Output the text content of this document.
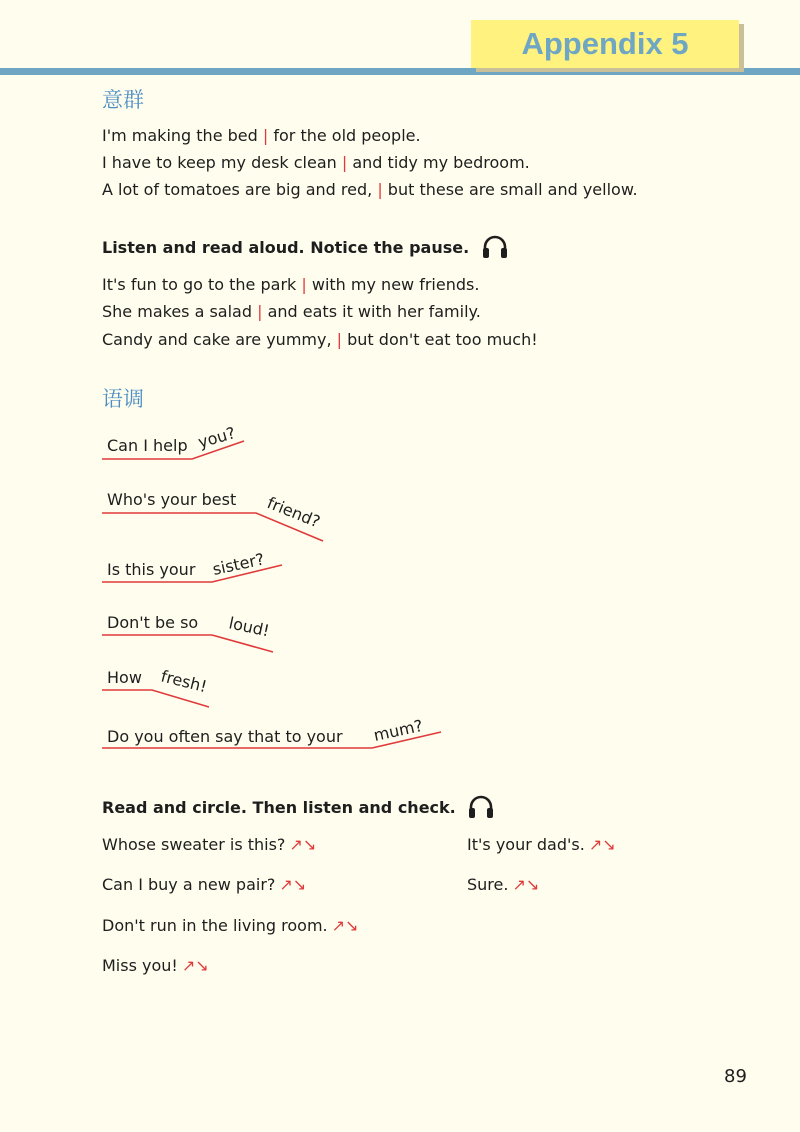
Appendix 5
意群
I'm making the bed | for the old people.
I have to keep my desk clean | and tidy my bedroom.
A lot of tomatoes are big and red, | but these are small and yellow.
Listen and read aloud. Notice the pause.
It's fun to go to the park | with my new friends.
She makes a salad | and eats it with her family.
Candy and cake are yummy, | but don't eat too much!
语调
Can I help you?
Who's your best friend?
Is this your sister?
Don't be so loud!
How fresh!
Do you often say that to your mum?
Read and circle. Then listen and check.
Whose sweater is this? ↗↘	It's your dad's. ↗↘
Can I buy a new pair? ↗↘	Sure. ↗↘
Don't run in the living room. ↗↘
Miss you! ↗↘
89
